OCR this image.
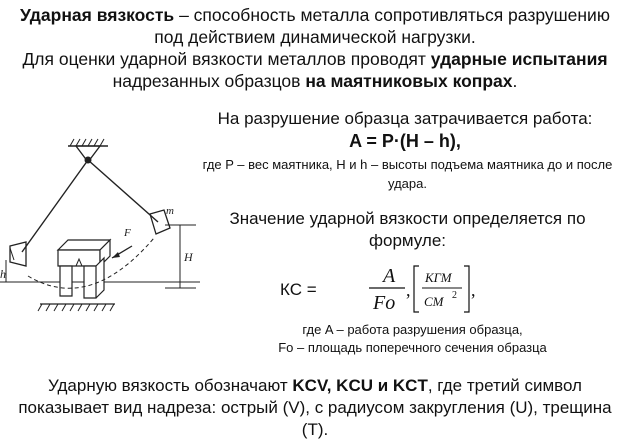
Ударная вязкость – способность металла сопротивляться разрушению под действием динамической нагрузки.
Для оценки ударной вязкости металлов проводят ударные испытания надрезанных образцов на маятниковых копрах.
На разрушение образца затрачивается работа:
A = P·(H – h),
где P – вес маятника, H и h – высоты подъема маятника до и после удара.
Значение ударной вязкости определяется по формуле:
КС =
A
Fo
,
КГМ
СМ 2 ,
где A – работа разрушения образца,
Fo – площадь поперечного сечения образца
Ударную вязкость обозначают KCV, KCU и KCT, где третий символ показывает вид надреза: острый (V), с радиусом закругления (U), трещина (T).
m
H
h
F
